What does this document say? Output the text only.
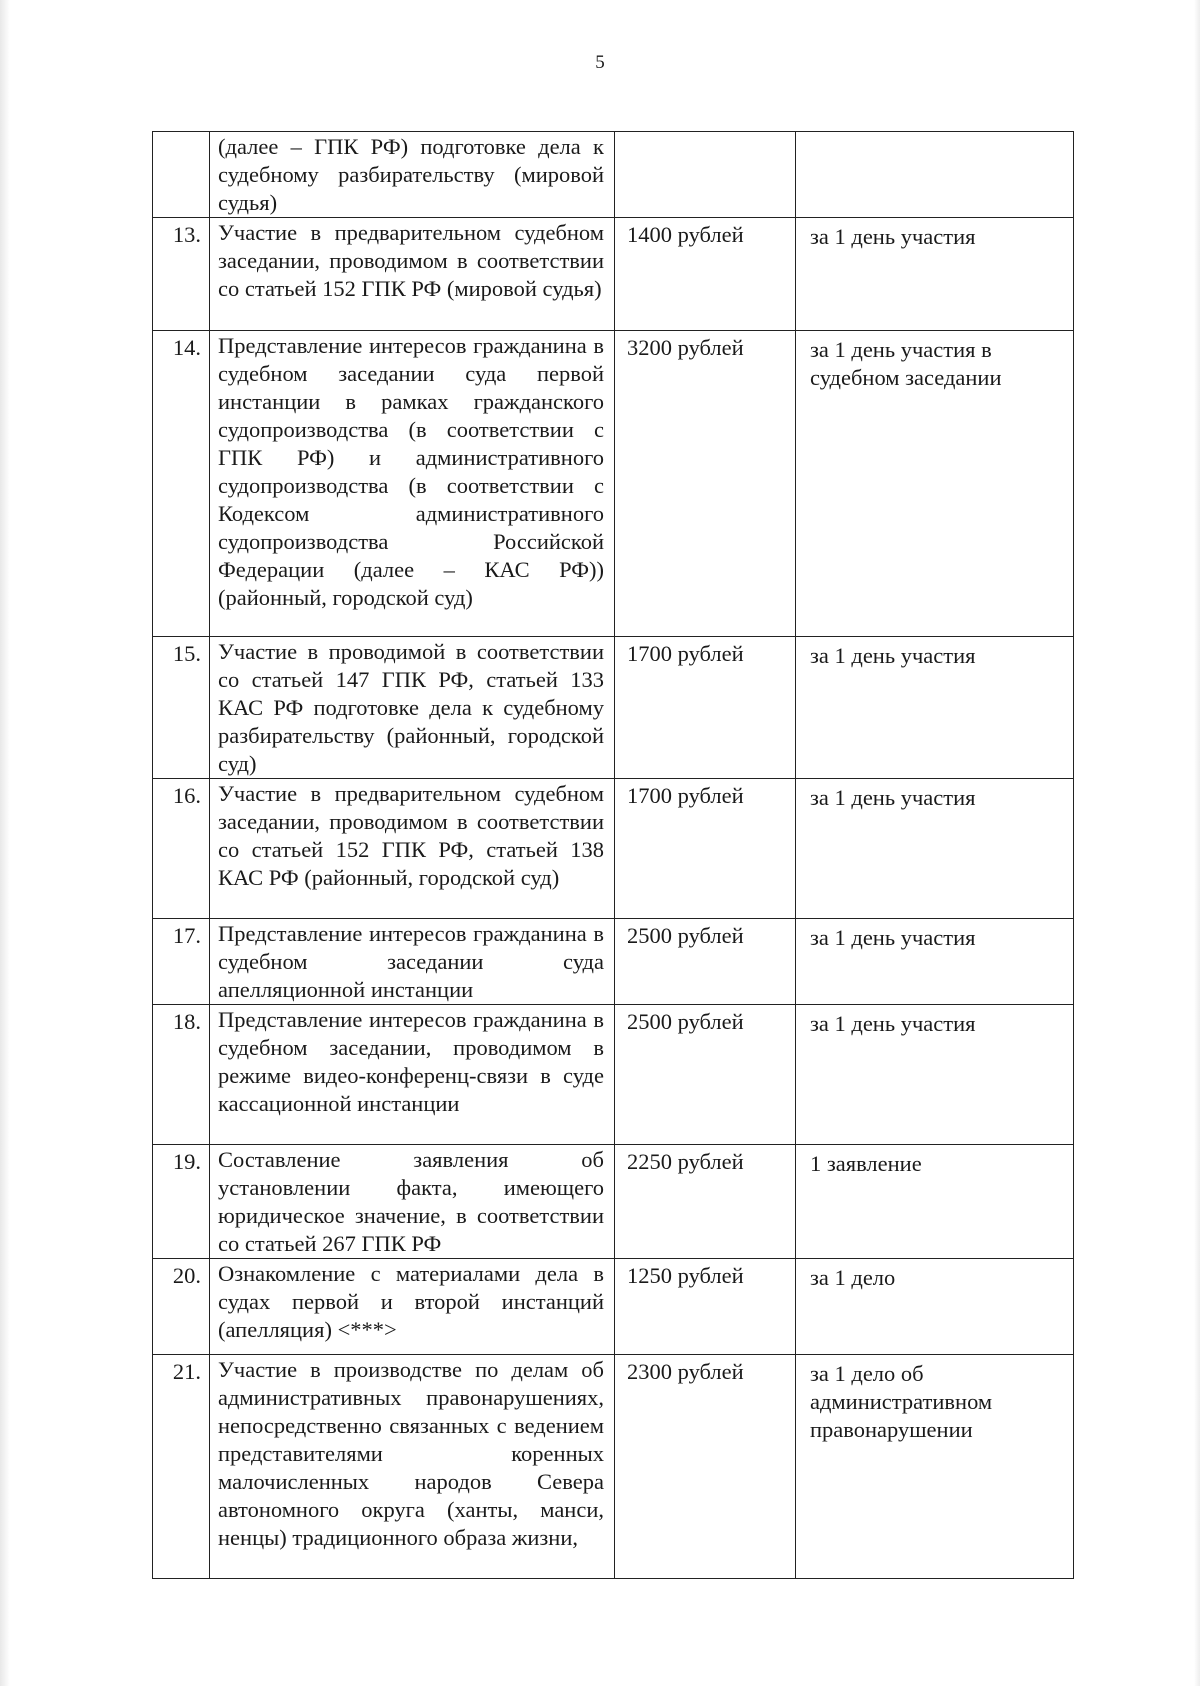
5

	(далее – ГПК РФ) подготовке дела к судебному разбирательству (мировой судья)		

13.	Участие в предварительном судебном заседании, проводимом в соответствии со статьей 152 ГПК РФ (мировой судья)	1400 рублей	за 1 день участия
14.	Представление интересов гражданина в судебном заседании суда первой инстанции в рамках гражданского судопроизводства (в соответствии с ГПК РФ) и административного судопроизводства (в соответствии с Кодексом административного судопроизводства Российской Федерации (далее – КАС РФ)) (районный, городской суд)	3200 рублей	за 1 день участия в судебном заседании
15.	Участие в проводимой в соответствии со статьей 147 ГПК РФ, статьей 133 КАС РФ подготовке дела к судебному разбирательству (районный, городской суд)	1700 рублей	за 1 день участия
16.	Участие в предварительном судебном заседании, проводимом в соответствии со статьей 152 ГПК РФ, статьей 138 КАС РФ (районный, городской суд)	1700 рублей	за 1 день участия
17.	Представление интересов гражданина в судебном заседании суда апелляционной инстанции	2500 рублей	за 1 день участия
18.	Представление интересов гражданина в судебном заседании, проводимом в режиме видео-конференц-связи в суде кассационной инстанции	2500 рублей	за 1 день участия
19.	Составление заявления об установлении факта, имеющего юридическое значение, в соответствии со статьей 267 ГПК РФ	2250 рублей	1 заявление
20.	Ознакомление с материалами дела в судах первой и второй инстанций (апелляция) <***>	1250 рублей	за 1 дело
21.	Участие в производстве по делам об административных правонарушениях, непосредственно связанных с ведением представителями коренных малочисленных народов Севера автономного округа (ханты, манси, ненцы) традиционного образа жизни,	2300 рублей	за 1 дело об административном правонарушении
